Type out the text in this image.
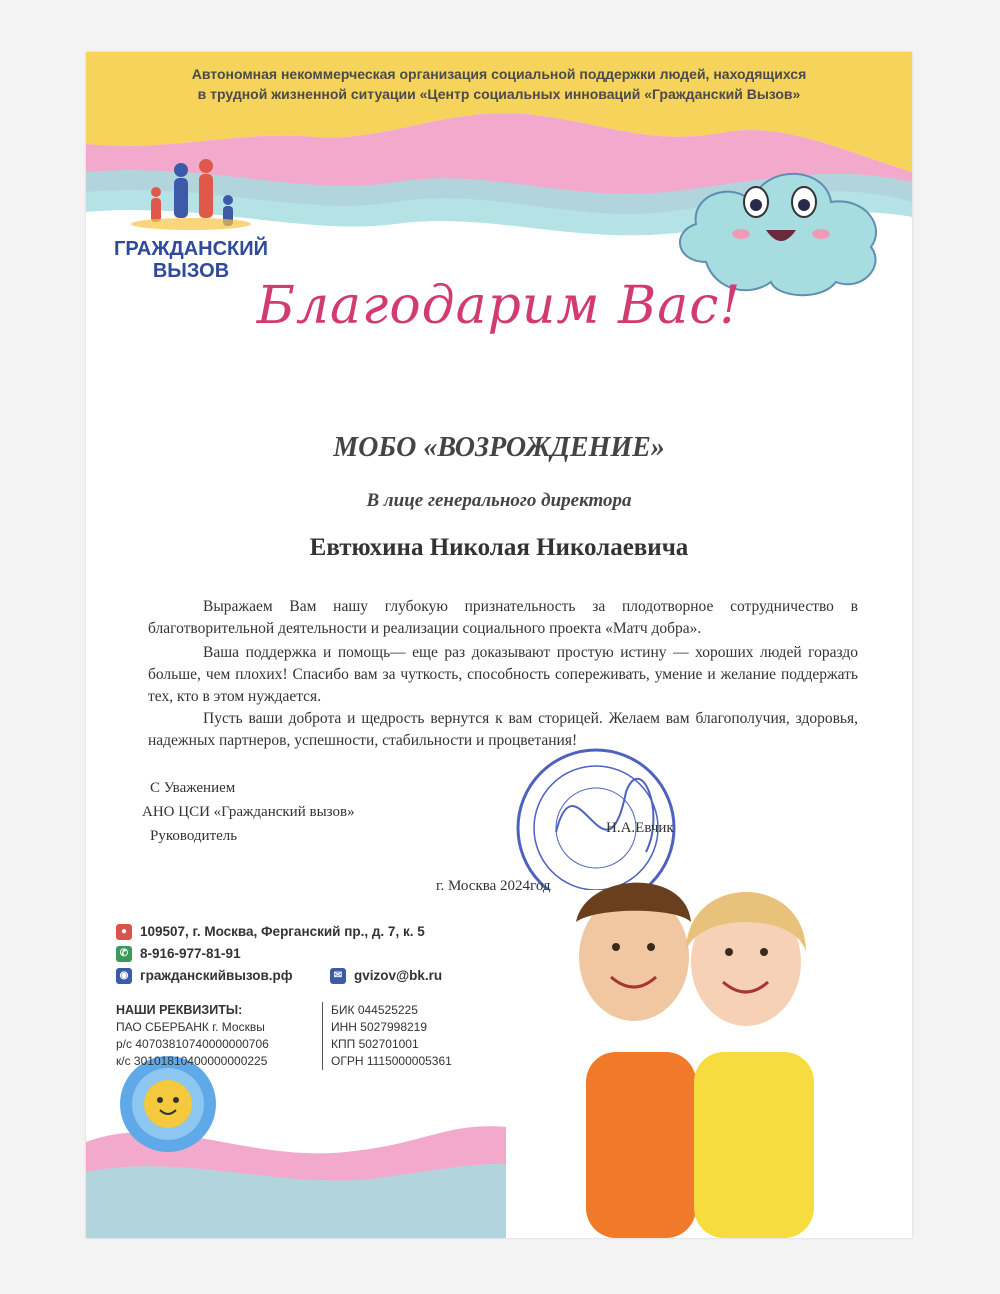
Автономная некоммерческая организация социальной поддержки людей, находящихся
в трудной жизненной ситуации «Центр социальных инноваций «Гражданский Вызов»
ГРАЖДАНСКИЙ
ВЫЗОВ
Благодарим Вас!
МОБО «ВОЗРОЖДЕНИЕ»
В лице генерального директора
Евтюхина Николая Николаевича
Выражаем Вам нашу глубокую признательность за плодотворное сотрудничество в благотворительной деятельности и реализации социального проекта «Матч добра».
Ваша поддержка и помощь— еще раз доказывают простую истину — хороших людей гораздо больше, чем плохих! Спасибо вам за чуткость, способность сопереживать, умение и желание поддержать тех, кто в этом нуждается.
Пусть ваши доброта и щедрость вернутся к вам сторицей. Желаем вам благополучия, здоровья, надежных партнеров, успешности, стабильности и процветания!
С Уважением
АНО ЦСИ «Гражданский вызов»
Руководитель	Н.А.Евчик
г. Москва 2024год
● 109507, г. Москва, Ферганский пр., д. 7, к. 5
✆ 8-916-977-81-91
◉ гражданскийвызов.рф	✉ gvizov@bk.ru
НАШИ РЕКВИЗИТЫ:
ПАО СБЕРБАНК г. Москвы
р/с 40703810740000000706
к/с 30101810400000000225
БИК 044525225
ИНН 5027998219
КПП 502701001
ОГРН 1115000005361
